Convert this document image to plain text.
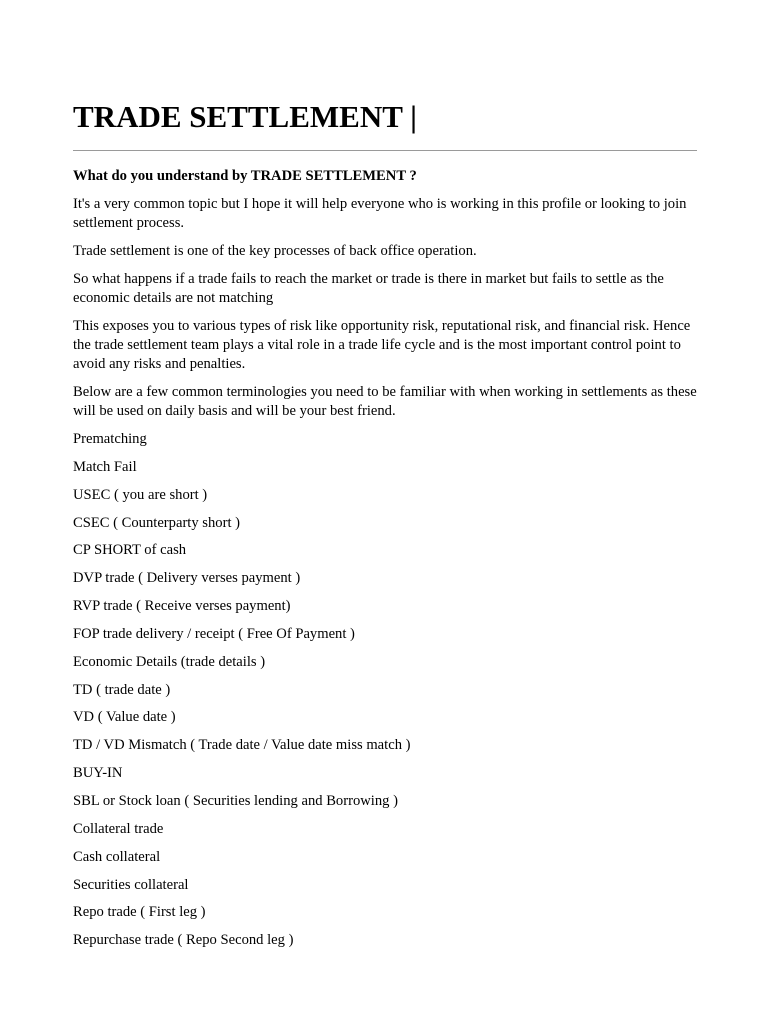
TRADE SETTLEMENT |

What do you understand by TRADE SETTLEMENT ?

It's a very common topic but I hope it will help everyone who is working in this profile or looking to join settlement process.

Trade settlement is one of the key processes of back office operation.

So what happens if a trade fails to reach the market or trade is there in market but fails to settle as the economic details are not matching

This exposes you to various types of risk like opportunity risk, reputational risk, and financial risk. Hence the trade settlement team plays a vital role in a trade life cycle and is the most important control point to avoid any risks and penalties.

Below are a few common terminologies you need to be familiar with when working in settlements as these will be used on daily basis and will be your best friend.

Prematching
Match Fail
USEC ( you are short )
CSEC ( Counterparty short )
CP SHORT of cash
DVP trade ( Delivery verses payment )
RVP trade ( Receive verses payment)
FOP trade delivery / receipt ( Free Of Payment )
Economic Details (trade details )
TD ( trade date )
VD ( Value date )
TD / VD Mismatch ( Trade date / Value date miss match )
BUY-IN
SBL or Stock loan ( Securities lending and Borrowing )
Collateral trade
Cash collateral
Securities collateral
Repo trade ( First leg )
Repurchase trade ( Repo Second leg )
